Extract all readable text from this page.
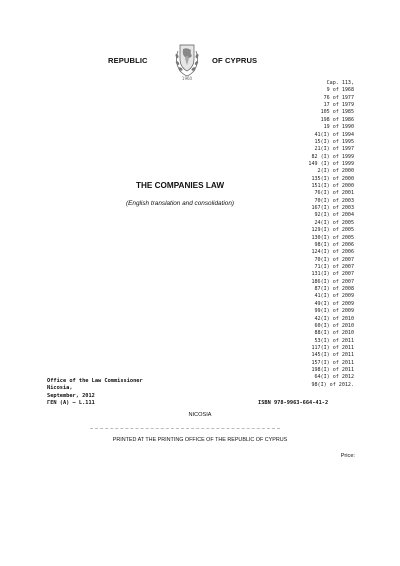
REPUBLIC
1960
OF CYPRUS
Cap. 113,
9 of 1968
76 of 1977
17 of 1979
105 of 1985
198 of 1986
19 of 1990
41(I) of 1994
15(I) of 1995
21(I) of 1997
82 (I) of 1999
149 (I) of 1999
2(I) of 2000
135(I) of 2000
151(I) of 2000
76(I) of 2001
70(I) of 2003
167(I) of 2003
92(I) of 2004
24(I) of 2005
129(I) of 2005
130(I) of 2005
98(I) of 2006
124(I) of 2006
70(I) of 2007
71(I) of 2007
131(I) of 2007
186(I) of 2007
87(I) of 2008
41(I) of 2009
49(I) of 2009
99(I) of 2009
42(I) of 2010
60(I) of 2010
88(I) of 2010
53(I) of 2011
117(I) of 2011
145(I) of 2011
157(I) of 2011
198(I) of 2011
64(I) of 2012
98(I) of 2012.
THE COMPANIES LAW
(English translation and consolidation)
Office of the Law Commissioner
Nicosia,
September, 2012
ΓΕΝ (Α) – L.111	ISBN 978-9963-664-41-2
NICOSIA
PRINTED AT THE PRINTING OFFICE OF THE REPUBLIC OF CYPRUS
Price:
